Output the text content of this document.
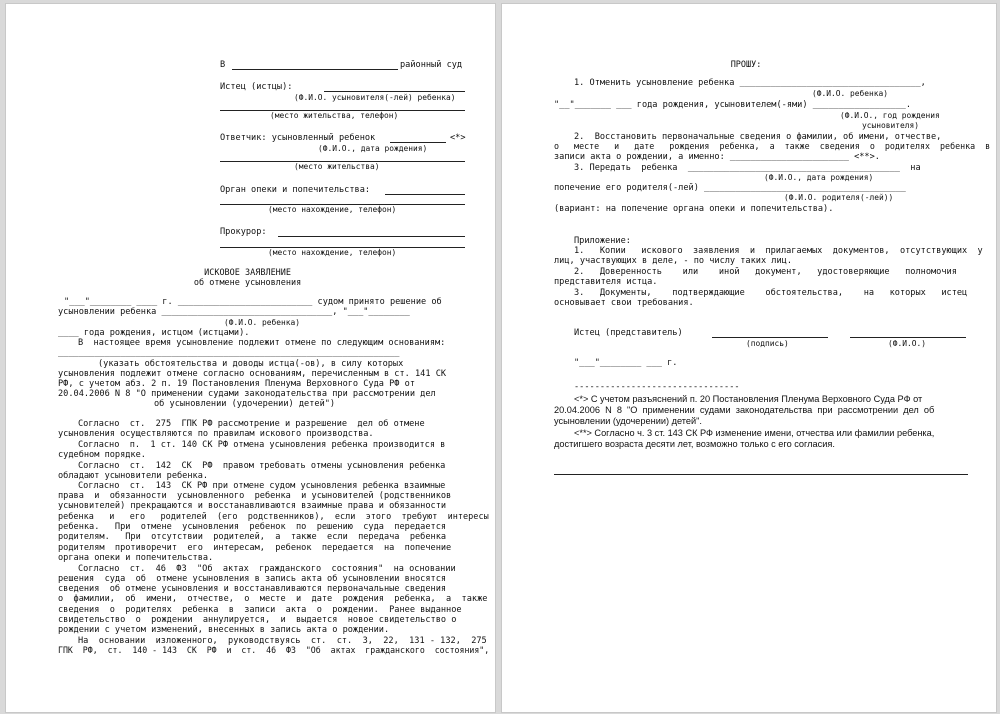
В	районный суд
Истец (истцы):
(Ф.И.О. усыновителя(-лей) ребенка)
(место жительства, телефон)
Ответчик: усыновленный ребенок	<*>
(Ф.И.О., дата рождения)
(место жительства)
Орган опеки и попечительства:
(место нахождение, телефон)
Прокурор:
(место нахождение, телефон)
ИСКОВОЕ ЗАЯВЛЕНИЕ
об отмене усыновления
"___"________ ____ г. __________________________ судом принято решение об
усыновлении ребенка _________________________________, "___"________
(Ф.И.О. ребенка)
____ года рождения, истцом (истцами).
В  настоящее время усыновление подлежит отмене по следующим основаниям:
__________________________________________________________________
(указать обстоятельства и доводы истца(-ов), в силу которых
усыновления подлежит отмене согласно основаниям, перечисленным в ст. 141 СК
РФ, с учетом абз. 2 п. 19 Постановления Пленума Верховного Суда РФ от
20.04.2006 N 8 "О применении судами законодательства при рассмотрении дел
об усыновлении (удочерении) детей")
Согласно  ст.  275  ГПК РФ рассмотрение и разрешение  дел об отмене
усыновления осуществляются по правилам искового производства.
Согласно  п.  1 ст. 140 СК РФ отмена усыновления ребенка производится в
судебном порядке.
Согласно  ст.  142  СК  РФ  правом требовать отмены усыновления ребенка
обладают усыновители ребенка.
Согласно  ст.  143  СК РФ при отмене судом усыновления ребенка взаимные
права  и  обязанности  усыновленного  ребенка  и усыновителей (родственников
усыновителей) прекращаются и восстанавливаются взаимные права и обязанности
ребенка   и   его   родителей  (его  родственников),  если  этого  требуют  интересы
ребенка.   При  отмене  усыновления  ребенок  по  решению  суда  передается
родителям.   При  отсутствии  родителей,  а  также  если  передача  ребенка
родителям  противоречит  его  интересам,  ребенок  передается  на  попечение
органа опеки и попечительства.
Согласно  ст.  46  ФЗ  "Об  актах  гражданского  состояния"  на основании
решения  суда  об  отмене усыновления в запись акта об усыновлении вносятся
сведения  об отмене усыновления и восстанавливаются первоначальные сведения
о  фамилии,  об  имени,  отчестве,  о  месте  и  дате  рождения  ребенка,  а  также
сведения  о  родителях  ребенка  в  записи  акта  о  рождении.  Ранее выданное
свидетельство  о  рождении  аннулируется,  и  выдается  новое свидетельство о
рождении с учетом изменений, внесенных в запись акта о рождении.
На  основании  изложенного,  руководствуясь  ст.  ст.  3,  22,  131 - 132,  275
ГПК  РФ,  ст.  140 - 143  СК  РФ  и  ст.  46  ФЗ  "Об  актах  гражданского  состояния",
ПРОШУ:
1. Отменить усыновление ребенка ___________________________________,
(Ф.И.О. ребенка)
"__"_______ ___ года рождения, усыновителем(-ями) __________________.
(Ф.И.О., год рождения
усыновителя)
2.  Восстановить первоначальные сведения о фамилии, об имени, отчестве,
о   месте   и   дате   рождения  ребенка,  а  также  сведения  о  родителях  ребенка  в
записи акта о рождении, а именно: _______________________ <**>.
3. Передать  ребенка  _________________________________________  на
(Ф.И.О., дата рождения)
попечение его родителя(-лей) _______________________________________
(Ф.И.О. родителя(-лей))
(вариант: на попечение органа опеки и попечительства).
Приложение:
1.   Копии   искового  заявления  и  прилагаемых  документов,  отсутствующих  у
лиц, участвующих в деле, - по числу таких лиц.
2.   Доверенность    или    иной   документ,   удостоверяющие   полномочия
представителя истца.
3.   Документы,    подтверждающие    обстоятельства,    на   которых   истец
основывает свои требования.
Истец (представитель)
(подпись)	(Ф.И.О.)
"___"________ ___ г.
--------------------------------
<*> С учетом разъяснений п. 20 Постановления Пленума Верховного Суда РФ от
20.04.2006  N  8  "О  применении  судами  законодательства  при  рассмотрении  дел  об
усыновлении (удочерении) детей".
<**> Согласно ч. 3 ст. 143 СК РФ изменение имени, отчества или фамилии ребенка,
достигшего возраста десяти лет, возможно только с его согласия.
